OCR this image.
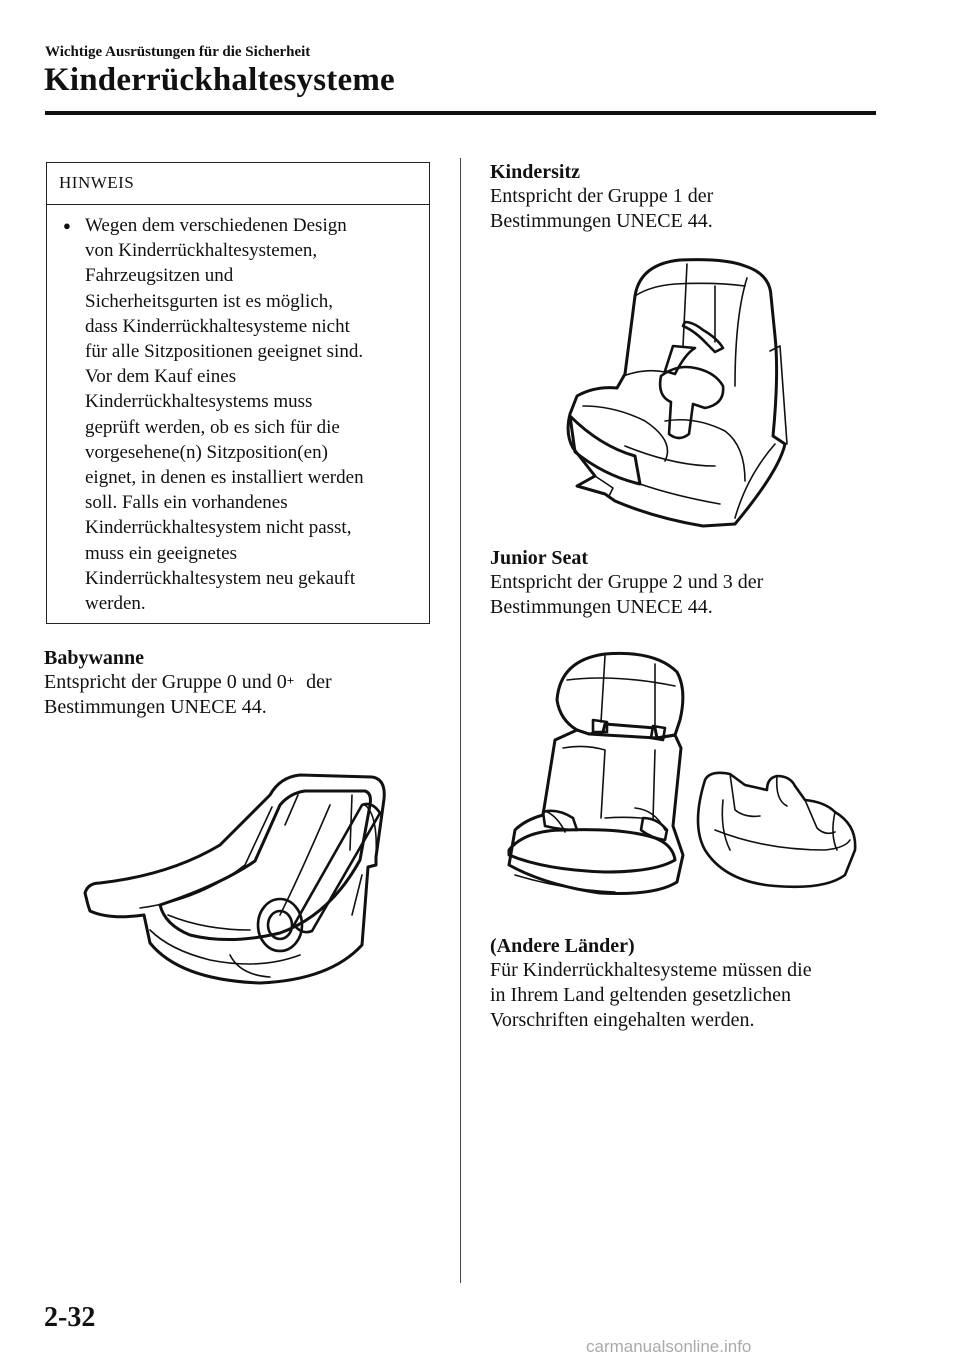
Wichtige Ausrüstungen für die Sicherheit
Kinderrückhaltesysteme
HINWEIS
● Wegen dem verschiedenen Design
von Kinderrückhaltesystemen,
Fahrzeugsitzen und
Sicherheitsgurten ist es möglich,
dass Kinderrückhaltesysteme nicht
für alle Sitzpositionen geeignet sind.
Vor dem Kauf eines
Kinderrückhaltesystems muss
geprüft werden, ob es sich für die
vorgesehene(n) Sitzposition(en)
eignet, in denen es installiert werden
soll. Falls ein vorhandenes
Kinderrückhaltesystem nicht passt,
muss ein geeignetes
Kinderrückhaltesystem neu gekauft
werden.
Babywanne
Entspricht der Gruppe 0 und 0+ der
Bestimmungen UNECE 44.
Kindersitz
Entspricht der Gruppe 1 der
Bestimmungen UNECE 44.
Junior Seat
Entspricht der Gruppe 2 und 3 der
Bestimmungen UNECE 44.
(Andere Länder)
Für Kinderrückhaltesysteme müssen die
in Ihrem Land geltenden gesetzlichen
Vorschriften eingehalten werden.
2-32
carmanualsonline.info
